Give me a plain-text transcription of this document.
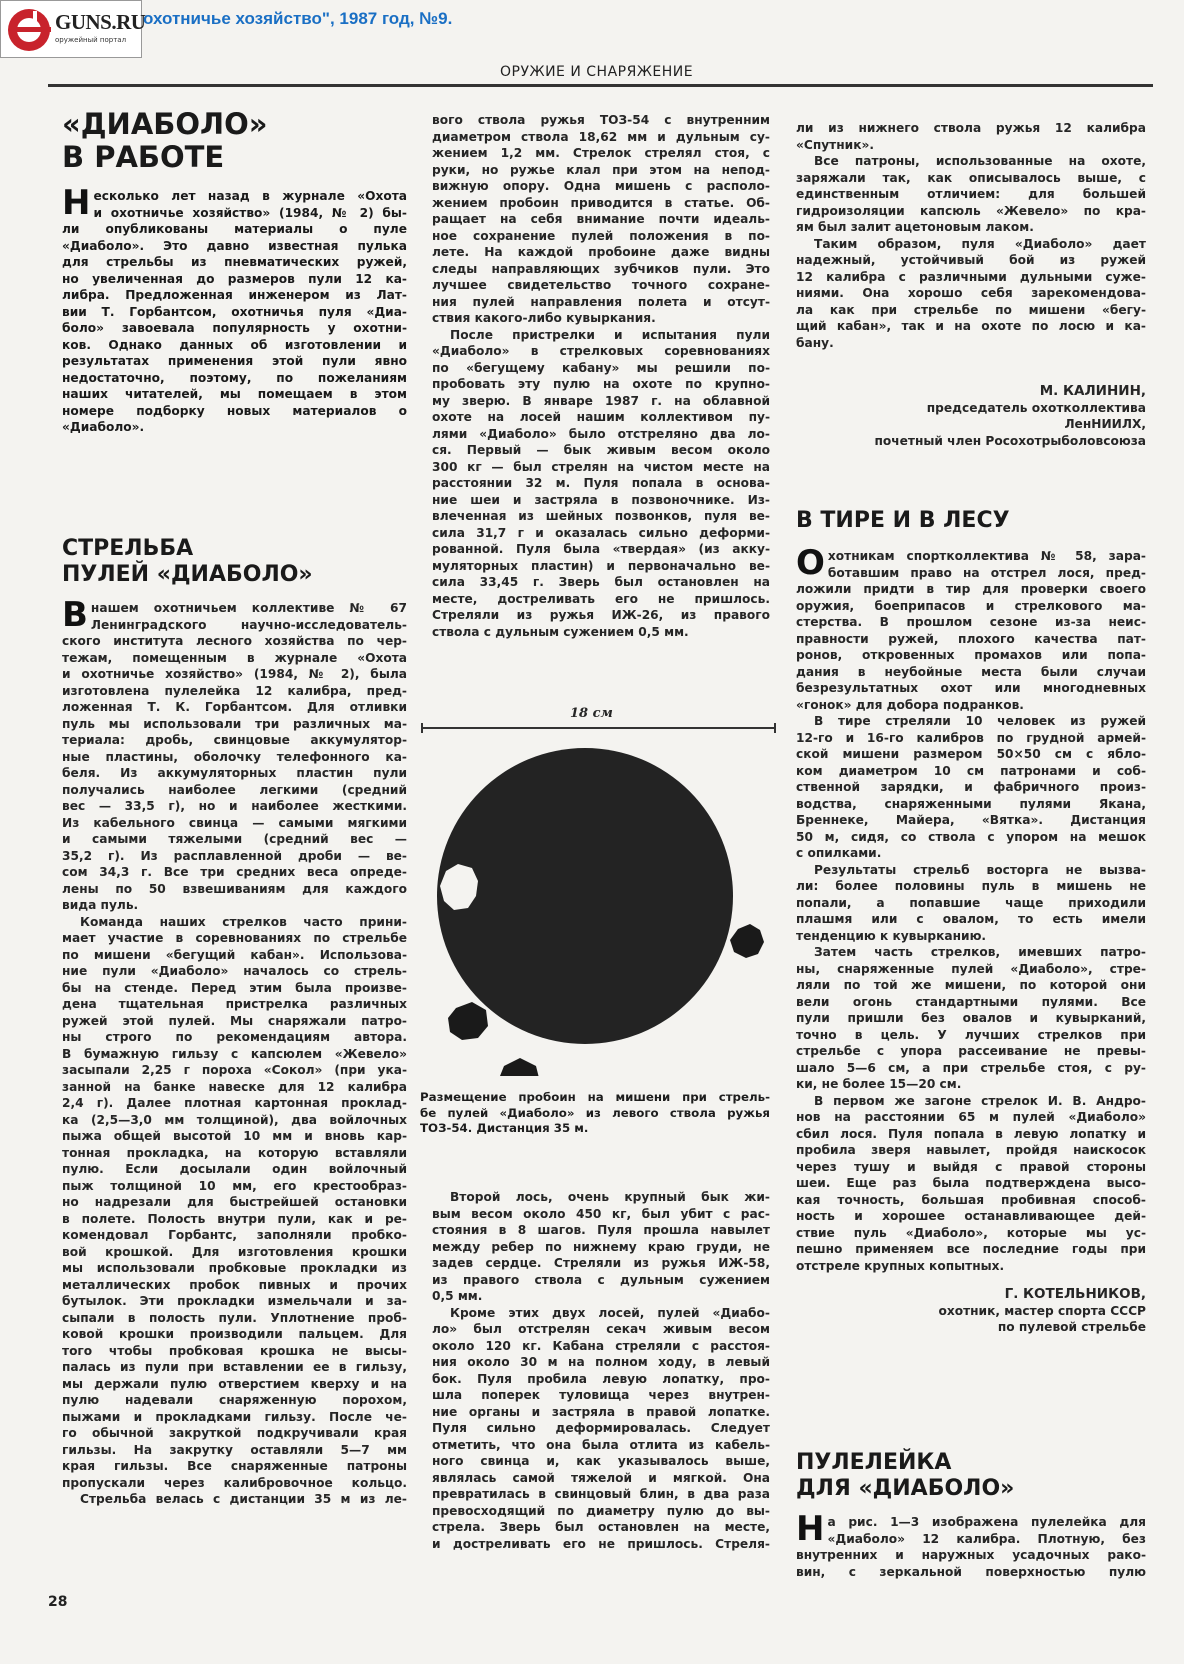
GUNS.RU
оружейный портал
охотничье хозяйство", 1987 год, №9.
ОРУЖИЕ И СНАРЯЖЕНИЕ
«ДИАБОЛО»
В РАБОТЕ
Н есколько лет назад в журнале «Охота
и охотничье хозяйство» (1984, № 2) бы-
ли опубликованы материалы о пуле
«Диаболо». Это давно известная пулька
для стрельбы из пневматических ружей,
но увеличенная до размеров пули 12 ка-
либра. Предложенная инженером из Лат-
вии Т. Горбантсом, охотничья пуля «Диа-
боло» завоевала популярность у охотни-
ков. Однако данных об изготовлении и
результатах применения этой пули явно
недостаточно, поэтому, по пожеланиям
наших читателей, мы помещаем в этом
номере подборку новых материалов о
«Диаболо».
СТРЕЛЬБА
ПУЛЕЙ «ДИАБОЛО»
В нашем охотничьем коллективе № 67
Ленинградского научно-исследователь-
ского института лесного хозяйства по чер-
тежам, помещенным в журнале «Охота
и охотничье хозяйство» (1984, № 2), была
изготовлена пулелейка 12 калибра, пред-
ложенная Т. К. Горбантсом. Для отливки
пуль мы использовали три различных ма-
териала: дробь, свинцовые аккумулятор-
ные пластины, оболочку телефонного ка-
беля. Из аккумуляторных пластин пули
получались наиболее легкими (средний
вес — 33,5 г), но и наиболее жесткими.
Из кабельного свинца — самыми мягкими
и самыми тяжелыми (средний вес —
35,2 г). Из расплавленной дроби — ве-
сом 34,3 г. Все три средних веса опреде-
лены по 50 взвешиваниям для каждого
вида пуль.
Команда наших стрелков часто прини-
мает участие в соревнованиях по стрельбе
по мишени «бегущий кабан». Использова-
ние пули «Диаболо» началось со стрель-
бы на стенде. Перед этим была произве-
дена тщательная пристрелка различных
ружей этой пулей. Мы снаряжали патро-
ны строго по рекомендациям автора.
В бумажную гильзу с капсюлем «Жевело»
засыпали 2,25 г пороха «Сокол» (при ука-
занной на банке навеске для 12 калибра
2,4 г). Далее плотная картонная проклад-
ка (2,5—3,0 мм толщиной), два войлочных
пыжа общей высотой 10 мм и вновь кар-
тонная прокладка, на которую вставляли
пулю. Если досылали один войлочный
пыж толщиной 10 мм, его крестообраз-
но надрезали для быстрейшей остановки
в полете. Полость внутри пули, как и ре-
комендовал Горбантс, заполняли пробко-
вой крошкой. Для изготовления крошки
мы использовали пробковые прокладки из
металлических пробок пивных и прочих
бутылок. Эти прокладки измельчали и за-
сыпали в полость пули. Уплотнение проб-
ковой крошки производили пальцем. Для
того чтобы пробковая крошка не высы-
палась из пули при вставлении ее в гильзу,
мы держали пулю отверстием кверху и на
пулю надевали снаряженную порохом,
пыжами и прокладками гильзу. После че-
го обычной закруткой подкручивали края
гильзы. На закрутку оставляли 5—7 мм
края гильзы. Все снаряженные патроны
пропускали через калибровочное кольцо.
Стрельба велась с дистанции 35 м из ле-
вого ствола ружья ТОЗ-54 с внутренним
диаметром ствола 18,62 мм и дульным су-
жением 1,2 мм. Стрелок стрелял стоя, с
руки, но ружье клал при этом на непод-
вижную опору. Одна мишень с располо-
жением пробоин приводится в статье. Об-
ращает на себя внимание почти идеаль-
ное сохранение пулей положения в по-
лете. На каждой пробоине даже видны
следы направляющих зубчиков пули. Это
лучшее свидетельство точного сохране-
ния пулей направления полета и отсут-
ствия какого-либо кувыркания.
После пристрелки и испытания пули
«Диаболо» в стрелковых соревнованиях
по «бегущему кабану» мы решили по-
пробовать эту пулю на охоте по крупно-
му зверю. В январе 1987 г. на облавной
охоте на лосей нашим коллективом пу-
лями «Диаболо» было отстреляно два ло-
ся. Первый — бык живым весом около
300 кг — был стрелян на чистом месте на
расстоянии 32 м. Пуля попала в основа-
ние шеи и застряла в позвоночнике. Из-
влеченная из шейных позвонков, пуля ве-
сила 31,7 г и оказалась сильно деформи-
рованной. Пуля была «твердая» (из акку-
муляторных пластин) и первоначально ве-
сила 33,45 г. Зверь был остановлен на
месте, дострeливать его не пришлось.
Стреляли из ружья ИЖ-26, из правого
ствола с дульным сужением 0,5 мм.
18 см
Размещение пробоин на мишени при стрель-
бе пулей «Диаболо» из левого ствола ружья
ТОЗ-54. Дистанция 35 м.
Второй лось, очень крупный бык жи-
вым весом около 450 кг, был убит с рас-
стояния в 8 шагов. Пуля прошла навылет
между ребер по нижнему краю груди, не
задев сердце. Стреляли из ружья ИЖ-58,
из правого ствола с дульным сужением
0,5 мм.
Кроме этих двух лосей, пулей «Диабо-
ло» был отстрелян секач живым весом
около 120 кг. Кабана стреляли с расстоя-
ния около 30 м на полном ходу, в левый
бок. Пуля пробила левую лопатку, про-
шла поперек туловища через внутрен-
ние органы и застряла в правой лопатке.
Пуля сильно деформировалась. Следует
отметить, что она была отлита из кабель-
ного свинца и, как указывалось выше,
являлась самой тяжелой и мягкой. Она
превратилась в свинцовый блин, в два раза
превосходящий по диаметру пулю до вы-
стрела. Зверь был остановлен на месте,
и дострeливать его не пришлось. Стреля-
ли из нижнего ствола ружья 12 калибра
«Спутник».
Все патроны, использованные на охоте,
заряжали так, как описывалось выше, с
единственным отличием: для большей
гидроизоляции капсюль «Жевело» по кра-
ям был залит ацетоновым лаком.
Таким образом, пуля «Диаболо» дает
надежный, устойчивый бой из ружей
12 калибра с различными дульными суже-
ниями. Она хорошо себя зарекомендова-
ла как при стрельбе по мишени «бегу-
щий кабан», так и на охоте по лосю и ка-
бану.
М. КАЛИНИН,
председатель охотколлектива
ЛенНИИЛХ,
почетный член Росохотрыболовсоюза
В ТИРЕ И В ЛЕСУ
О хотникам спортколлектива № 58, зара-
ботавшим право на отстрел лося, пред-
ложили придти в тир для проверки своего
оружия, боеприпасов и стрелкового ма-
стерства. В прошлом сезоне из-за неис-
правности ружей, плохого качества пат-
ронов, откровенных промахов или попа-
дания в неубойные места были случаи
безрезультатных охот или многодневных
«гонок» для добора подранков.
В тире стреляли 10 человек из ружей
12-го и 16-го калибров по грудной армей-
ской мишени размером 50×50 см с ябло-
ком диаметром 10 см патронами и соб-
ственной зарядки, и фабричного произ-
водства, снаряженными пулями Якана,
Бреннеке, Майера, «Вятка». Дистанция
50 м, сидя, со ствола с упором на мешок
с опилками.
Результаты стрельб восторга не вызва-
ли: более половины пуль в мишень не
попали, а попавшие чаще приходили
плашмя или с овалом, то есть имели
тенденцию к кувырканию.
Затем часть стрелков, имевших патро-
ны, снаряженные пулей «Диаболо», стре-
ляли по той же мишени, по которой они
вели огонь стандартными пулями. Все
пули пришли без овалов и кувырканий,
точно в цель. У лучших стрелков при
стрельбе с упора рассеивание не превы-
шало 5—6 см, а при стрельбе стоя, с ру-
ки, не более 15—20 см.
В первом же загоне стрелок И. В. Андро-
нов на расстоянии 65 м пулей «Диаболо»
сбил лося. Пуля попала в левую лопатку и
пробила зверя навылет, пройдя наискосок
через тушу и выйдя с правой стороны
шеи. Еще раз была подтверждена высо-
кая точность, большая пробивная способ-
ность и хорошее останавливающее дей-
ствие пуль «Диаболо», которые мы ус-
пешно применяем все последние годы при
отстреле крупных копытных.
Г. КОТЕЛЬНИКОВ,
охотник, мастер спорта СССР
по пулевой стрельбе
ПУЛЕЛЕЙКА
ДЛЯ «ДИАБОЛО»
Н а рис. 1—3 изображена пулелейка для
«Диаболо» 12 калибра. Плотную, без
внутренних и наружных усадочных рако-
вин, с зеркальной поверхностью пулю
28
